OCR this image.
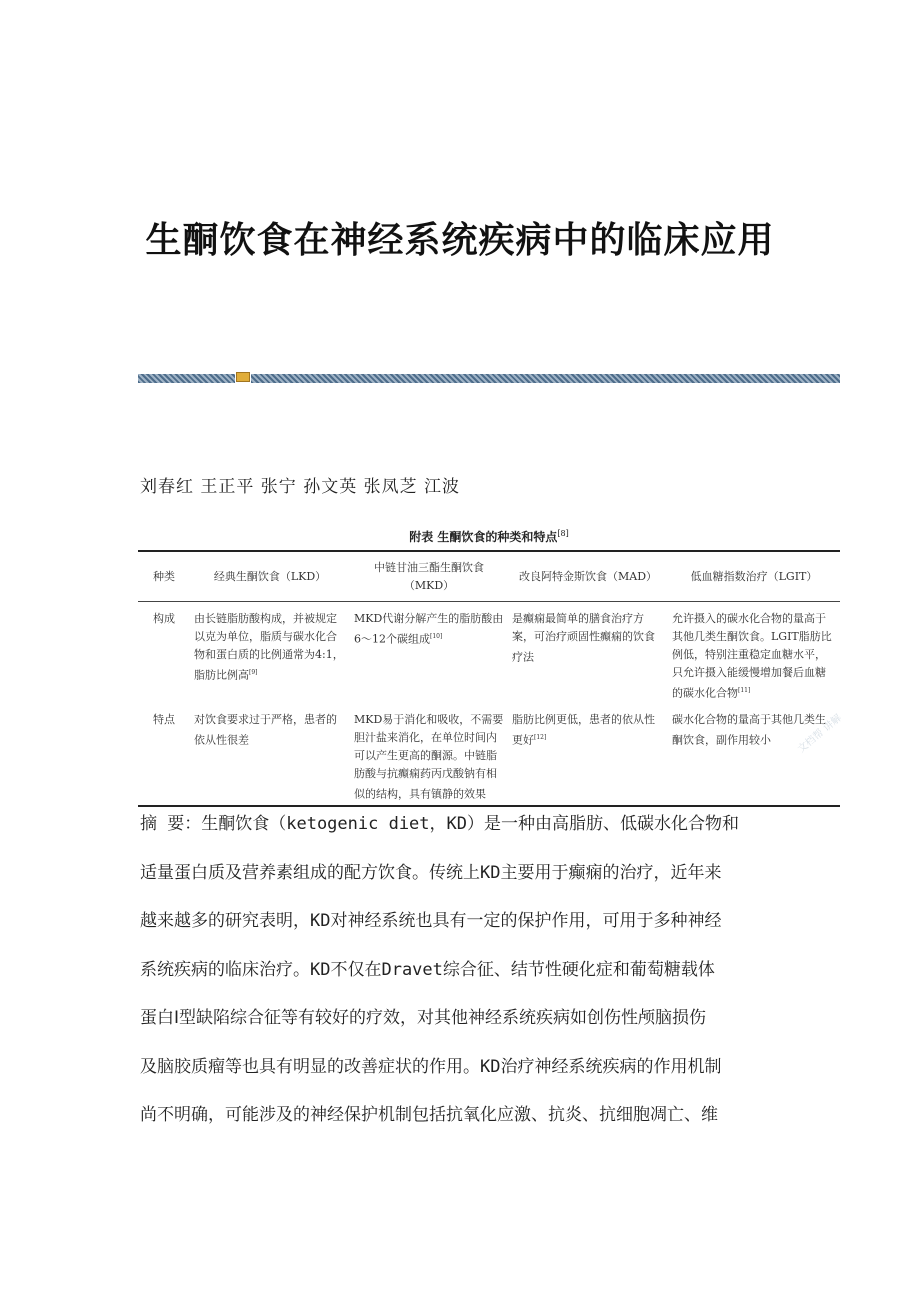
生酮饮食在神经系统疾病中的临床应用
刘春红 王正平 张宁 孙文英 张凤芝 江波
附表 生酮饮食的种类和特点[8]
种类	经典生酮饮食（LKD）	中链甘油三酯生酮饮食（MKD）	改良阿特金斯饮食（MAD）	低血糖指数治疗（LGIT）
构成	由长链脂肪酸构成，并被规定以克为单位，脂质与碳水化合物和蛋白质的比例通常为4:1，脂肪比例高[9]	MKD代谢分解产生的脂肪酸由6～12个碳组成[10]	是癫痫最简单的膳食治疗方案，可治疗顽固性癫痫的饮食疗法	允许摄入的碳水化合物的量高于其他几类生酮饮食。LGIT脂肪比例低，特别注重稳定血糖水平，只允许摄入能缓慢增加餐后血糖的碳水化合物[11]
特点	对饮食要求过于严格，患者的依从性很差	MKD易于消化和吸收，不需要胆汁盐来消化，在单位时间内可以产生更高的酮源。中链脂肪酸与抗癫痫药丙戊酸钠有相似的结构，具有镇静的效果	脂肪比例更低，患者的依从性更好[12]	碳水化合物的量高于其他几类生酮饮食，副作用较小 文档帮 讲解
摘 要：生酮饮食（ketogenic diet，KD）是一种由高脂肪、低碳水化合物和
适量蛋白质及营养素组成的配方饮食。传统上KD主要用于癫痫的治疗，近年来
越来越多的研究表明，KD对神经系统也具有一定的保护作用，可用于多种神经
系统疾病的临床治疗。KD不仅在Dravet综合征、结节性硬化症和葡萄糖载体
蛋白Ⅰ型缺陷综合征等有较好的疗效，对其他神经系统疾病如创伤性颅脑损伤
及脑胶质瘤等也具有明显的改善症状的作用。KD治疗神经系统疾病的作用机制
尚不明确，可能涉及的神经保护机制包括抗氧化应激、抗炎、抗细胞凋亡、维
